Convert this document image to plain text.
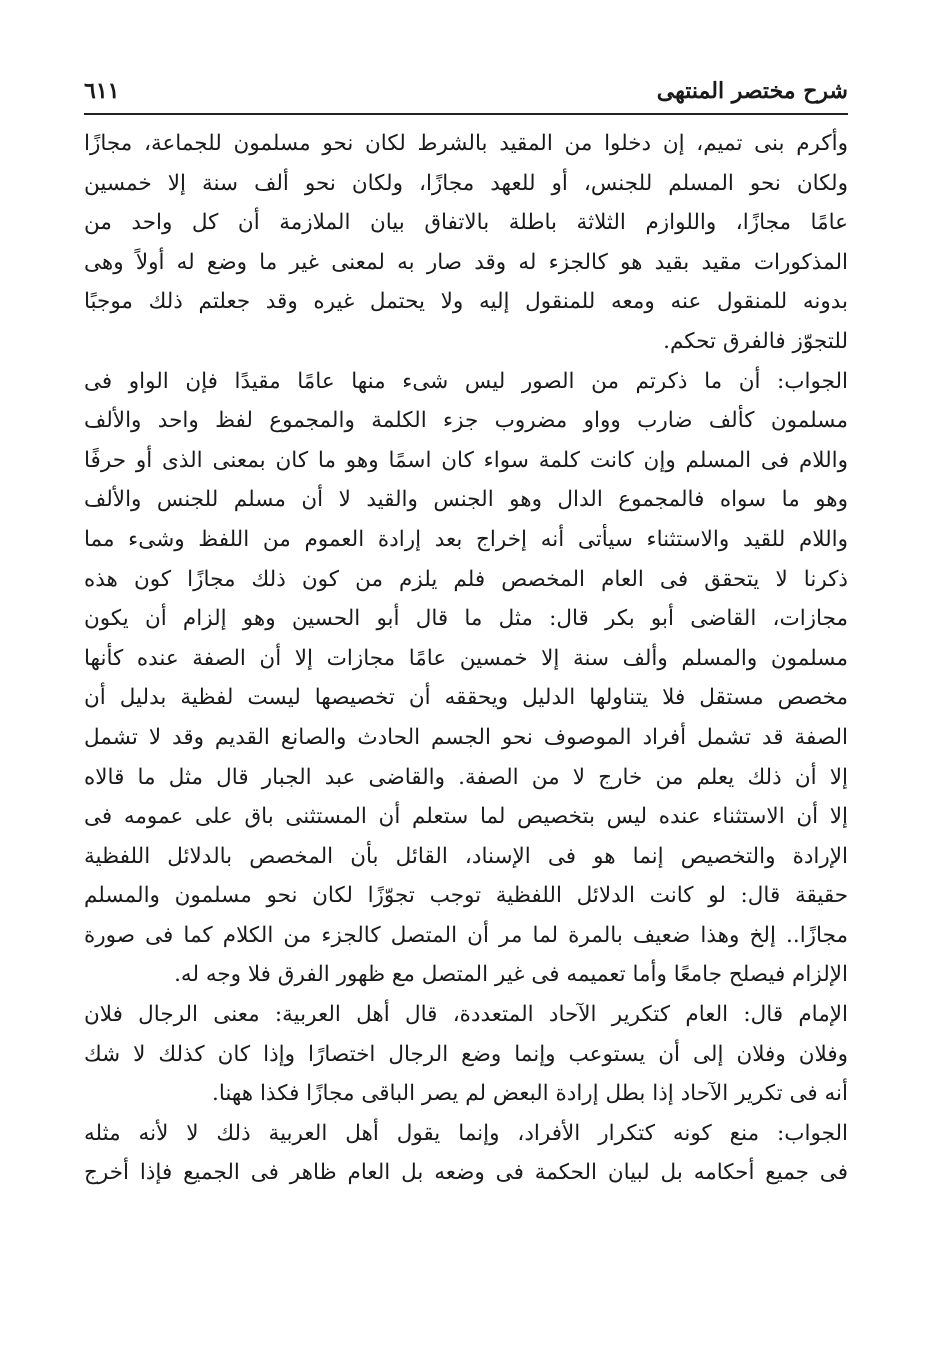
شرح مختصر المنتهى
٦١١
وأكرم بنى تميم، إن دخلوا من المقيد بالشرط لكان نحو مسلمون للجماعة، مجازًا
ولكان نحو المسلم للجنس، أو للعهد مجازًا، ولكان نحو ألف سنة إلا خمسين
عامًا مجازًا، واللوازم الثلاثة باطلة بالاتفاق بيان الملازمة أن كل واحد من
المذكورات مقيد بقيد هو كالجزء له وقد صار به لمعنى غير ما وضع له أولاً وهى
بدونه للمنقول عنه ومعه للمنقول إليه ولا يحتمل غيره وقد جعلتم ذلك موجبًا
للتجوّز فالفرق تحكم.
الجواب: أن ما ذكرتم من الصور ليس شىء منها عامًا مقيدًا فإن الواو فى
مسلمون كألف ضارب وواو مضروب جزء الكلمة والمجموع لفظ واحد والألف
واللام فى المسلم وإن كانت كلمة سواء كان اسمًا وهو ما كان بمعنى الذى أو حرفًا
وهو ما سواه فالمجموع الدال وهو الجنس والقيد لا أن مسلم للجنس والألف
واللام للقيد والاستثناء سيأتى أنه إخراج بعد إرادة العموم من اللفظ وشىء مما
ذكرنا لا يتحقق فى العام المخصص فلم يلزم من كون ذلك مجازًا كون هذه
مجازات، القاضى أبو بكر قال: مثل ما قال أبو الحسين وهو إلزام أن يكون
مسلمون والمسلم وألف سنة إلا خمسين عامًا مجازات إلا أن الصفة عنده كأنها
مخصص مستقل فلا يتناولها الدليل ويحققه أن تخصيصها ليست لفظية بدليل أن
الصفة قد تشمل أفراد الموصوف نحو الجسم الحادث والصانع القديم وقد لا تشمل
إلا أن ذلك يعلم من خارج لا من الصفة. والقاضى عبد الجبار قال مثل ما قالاه
إلا أن الاستثناء عنده ليس بتخصيص لما ستعلم أن المستثنى باق على عمومه فى
الإرادة والتخصيص إنما هو فى الإسناد، القائل بأن المخصص بالدلائل اللفظية
حقيقة قال: لو كانت الدلائل اللفظية توجب تجوّزًا لكان نحو مسلمون والمسلم
مجازًا.. إلخ وهذا ضعيف بالمرة لما مر أن المتصل كالجزء من الكلام كما فى صورة
الإلزام فيصلح جامعًا وأما تعميمه فى غير المتصل مع ظهور الفرق فلا وجه له.
الإمام قال: العام كتكرير الآحاد المتعددة، قال أهل العربية: معنى الرجال فلان
وفلان وفلان إلى أن يستوعب وإنما وضع الرجال اختصارًا وإذا كان كذلك لا شك
أنه فى تكرير الآحاد إذا بطل إرادة البعض لم يصر الباقى مجازًا فكذا ههنا.
الجواب: منع كونه كتكرار الأفراد، وإنما يقول أهل العربية ذلك لا لأنه مثله
فى جميع أحكامه بل لبيان الحكمة فى وضعه بل العام ظاهر فى الجميع فإذا أخرج
